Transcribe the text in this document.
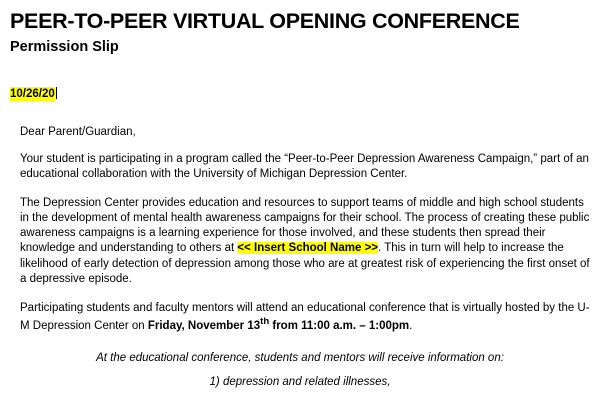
PEER-TO-PEER VIRTUAL OPENING CONFERENCE
Permission Slip
10/26/20
Dear Parent/Guardian,

Your student is participating in a program called the “Peer-to-Peer Depression Awareness Campaign,” part of an educational collaboration with the University of Michigan Depression Center.

The Depression Center provides education and resources to support teams of middle and high school students in the development of mental health awareness campaigns for their school. The process of creating these public awareness campaigns is a learning experience for those involved, and these students then spread their knowledge and understanding to others at << Insert School Name >>. This in turn will help to increase the likelihood of early detection of depression among those who are at greatest risk of experiencing the first onset of a depressive episode.

Participating students and faculty mentors will attend an educational conference that is virtually hosted by the U-M Depression Center on Friday, November 13th from 11:00 a.m. – 1:00pm.

At the educational conference, students and mentors will receive information on:
1) depression and related illnesses,
